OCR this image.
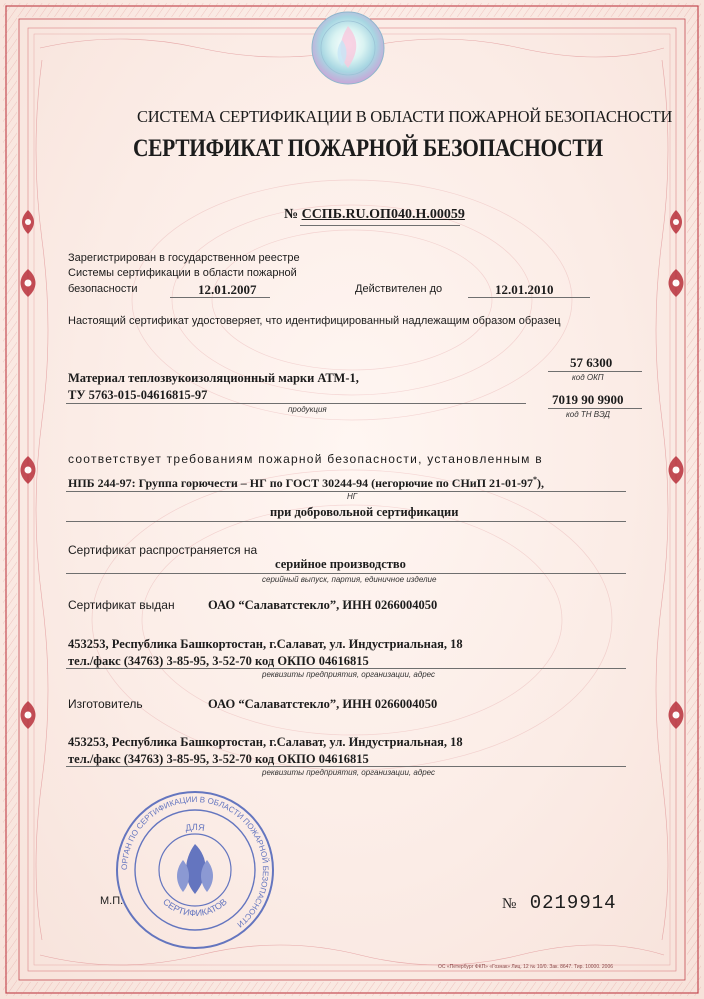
СИСТЕМА СЕРТИФИКАЦИИ В ОБЛАСТИ ПОЖАРНОЙ БЕЗОПАСНОСТИ
СЕРТИФИКАТ ПОЖАРНОЙ БЕЗОПАСНОСТИ
№ ССПБ.RU.ОП040.Н.00059
Зарегистрирован в государственном реестре
Системы сертификации в области пожарной
безопасности	12.01.2007	Действителен до	12.01.2010
Настоящий сертификат удостоверяет, что идентифицированный надлежащим образом образец
Материал теплозвукоизоляционный марки АТМ-1,
ТУ 5763-015-04616815-97
продукция
57 6300
код ОКП
7019 90 9900
код ТН ВЭД
соответствует требованиям пожарной безопасности, установленным в
НПБ 244-97: Группа горючести – НГ по ГОСТ 30244-94 (негорючие по СНиП 21-01-97*),
НГ
при добровольной сертификации
Сертификат распространяется на
серийное производство
серийный выпуск, партия, единичное изделие
Сертификат выдан	ОАО “Салаватстекло”, ИНН 0266004050
453253, Республика Башкортостан, г.Салават, ул. Индустриальная, 18
тел./факс (34763) 3-85-95, 3-52-70 код ОКПО 04616815
реквизиты предприятия, организации, адрес
Изготовитель	ОАО “Салаватстекло”, ИНН 0266004050
453253, Республика Башкортостан, г.Салават, ул. Индустриальная, 18
тел./факс (34763) 3-85-95, 3-52-70 код ОКПО 04616815
реквизиты предприятия, организации, адрес
ОРГАН ПО СЕРТИФИКАЦИИ В ОБЛАСТИ ПОЖАРНОЙ БЕЗОПАСНОСТИ
ДЛЯ
СЕРТИФИКАТОВ
М.П.	№ 0219914
ОС «Петербург ФКП» «Гознак» Лиц. 12 № 10/0. Зак. 8647. Тир. 10000. 2006
